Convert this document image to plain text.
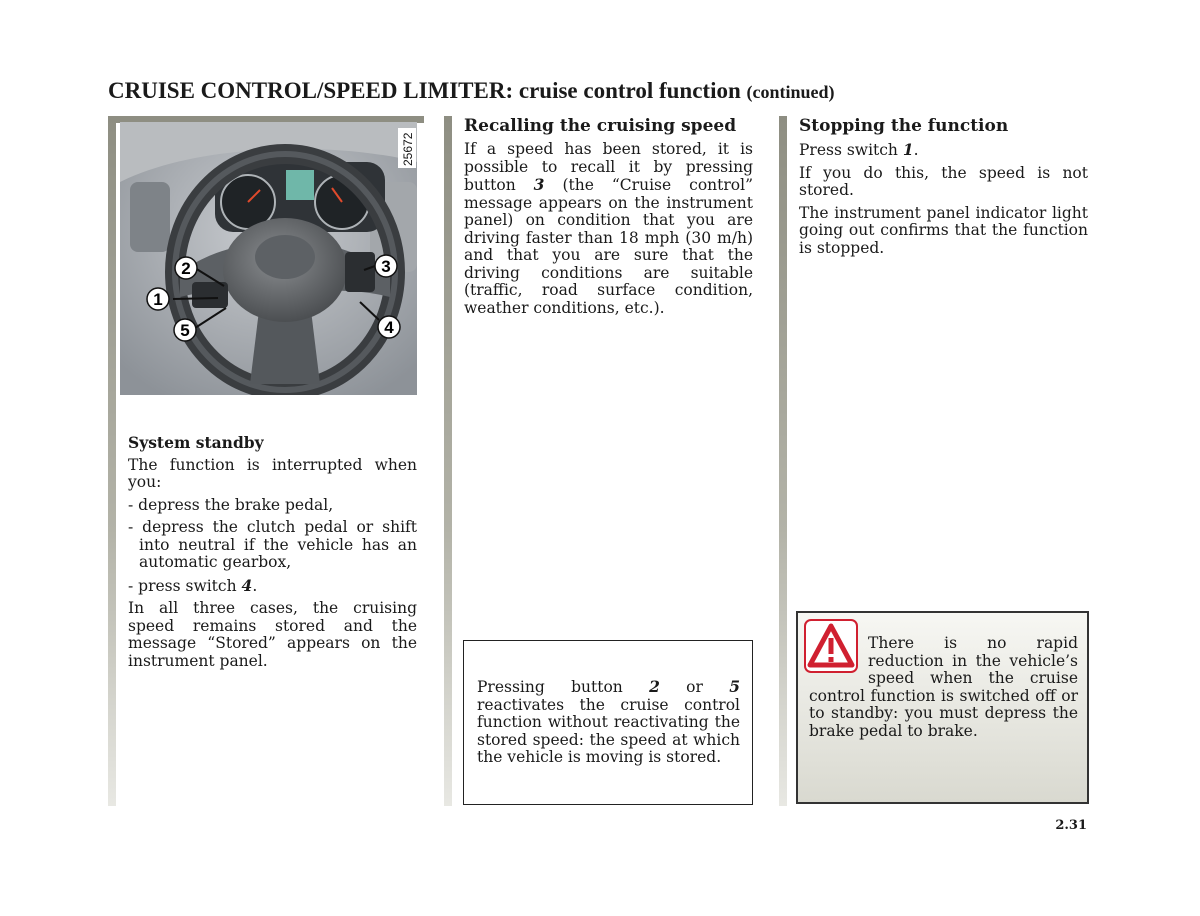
CRUISE CONTROL/SPEED LIMITER: cruise control function (continued)
2
1
5
3
4
25672

System standby

The function is interrupted when you:

- depress the brake pedal,

- depress the clutch pedal or shift into neutral if the vehicle has an automatic gearbox,

- press switch 4.

In all three cases, the cruising speed remains stored and the message “Stored” appears on the instrument panel.

Recalling the cruising speed

If a speed has been stored, it is possible to recall it by pressing button 3 (the “Cruise control” message appears on the instrument panel) on condition that you are driving faster than 18 mph (30 m/h) and that you are sure that the driving conditions are suitable (traffic, road surface condition, weather conditions, etc.).

Pressing button 2 or 5 reactivates the cruise control function without reactivating the stored speed: the speed at which the vehicle is moving is stored.

Stopping the function

Press switch 1.

If you do this, the speed is not stored.

The instrument panel indicator light going out confirms that the function is stopped.

There is no rapid reduction in the vehicle’s speed when the cruise control function is switched off or to standby: you must depress the brake pedal to brake.
2.31
